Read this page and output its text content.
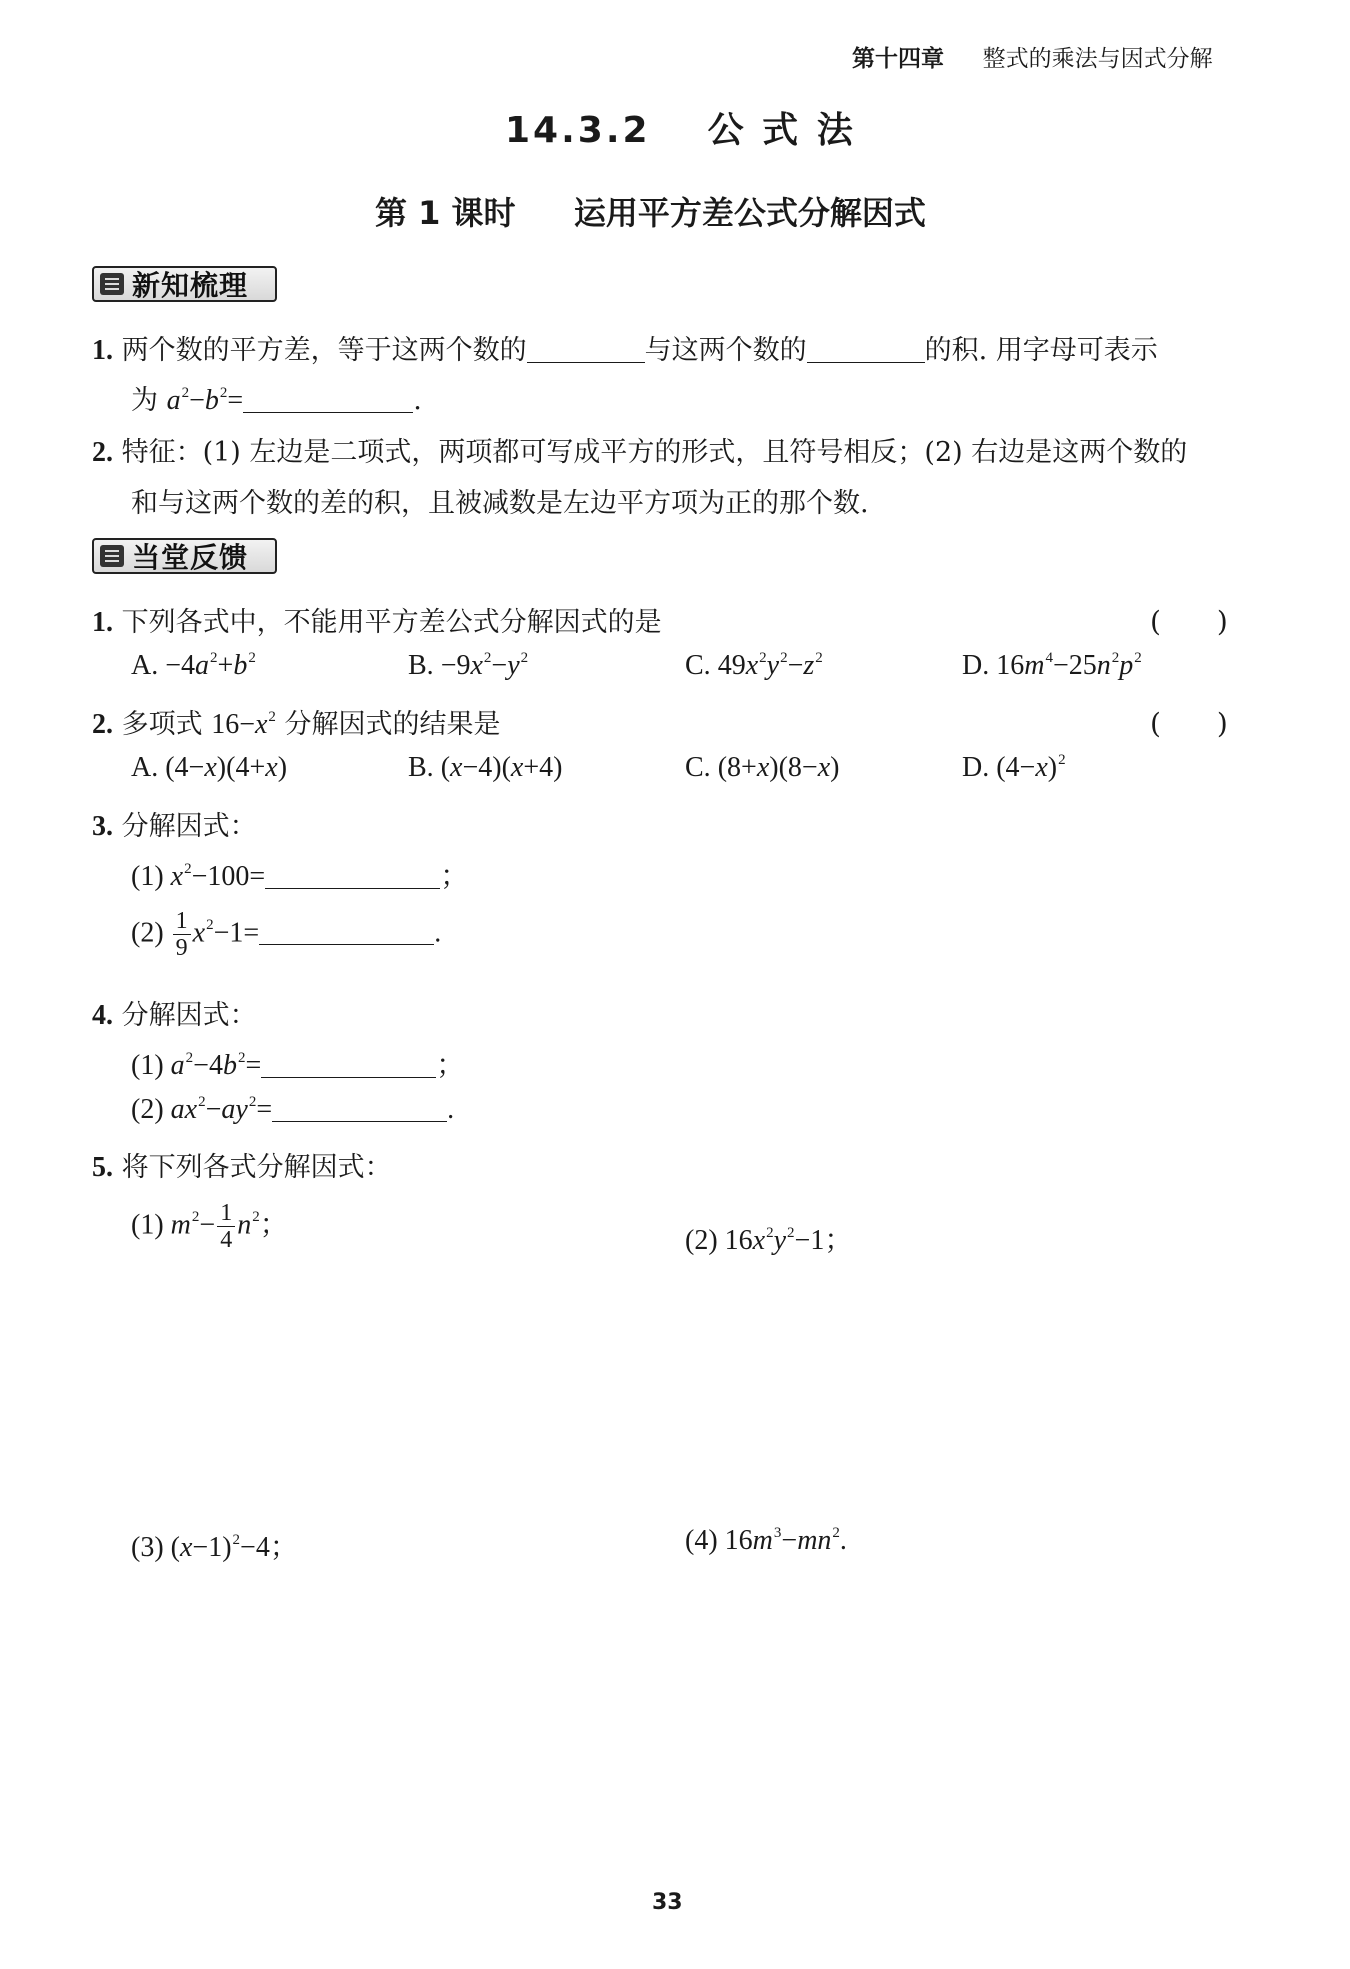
第十四章 整式的乘法与因式分解
14.3.2 公 式 法
第 1 课时 运用平方差公式分解因式
新知梳理
1. 两个数的平方差，等于这两个数的	与这两个数的	的积. 用字母可表示
为 $a^2-b^2=$	.
2. 特征：(1) 左边是二项式，两项都可写成平方的形式，且符号相反；(2) 右边是这两个数的
和与这两个数的差的积，且被减数是左边平方项为正的那个数.
当堂反馈
1. 下列各式中，不能用平方差公式分解因式的是	(　　)
A. $-4a^2+b^2$	B. $-9x^2-y^2$	C. $49x^2y^2-z^2$	D. $16m^4-25n^2p^2$
2. 多项式 $16-x^2$ 分解因式的结果是	(　　)
A. (4−x)(4+x)	B. (x−4)(x+4)	C. (8+x)(8−x)	D. $(4-x)^2$
3. 分解因式：
(1) $x^2-100=$	；
$(2) \frac{1}{9} x^2-1=$	.
4. 分解因式：
(1) $a^2-4b^2=$	；
(2) $ax^2-ay^2=$	.
5. 将下列各式分解因式：
(1) $m^2- \frac{1}{4} n^2$；
(2) $16x^2y^2-1$；
(3) $(x-1)^2-4$；	(4) $16m^3-mn^2$.
33
